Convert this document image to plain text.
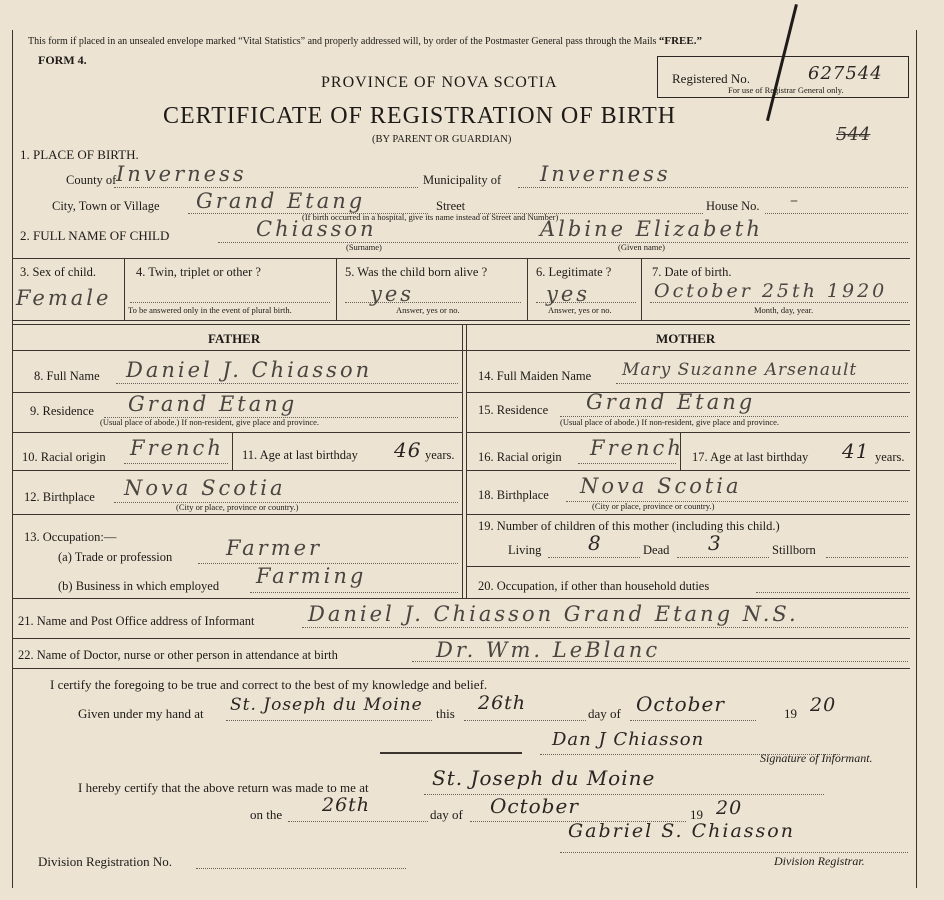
This form if placed in an unsealed envelope marked “Vital Statistics” and properly addressed will, by order of the Postmaster General pass through the Mails “FREE.”
FORM 4.
PROVINCE OF NOVA SCOTIA
CERTIFICATE OF REGISTRATION OF BIRTH
(BY PARENT OR GUARDIAN)
Registered No.	627544
For use of Registrar General only.
544
1. PLACE OF BIRTH.
County of Inverness	Municipality of Inverness
City, Town or Village Grand Etang	Street	House No. –
(If birth occurred in a hospital, give its name instead of Street and Number)
2. FULL NAME OF CHILD	Chiasson
(Surname)
Albine Elizabeth
(Given name)
3. Sex of child.
Female
4. Twin, triplet or other ?
To be answered only in the event of plural birth.
5. Was the child born alive ?
yes
Answer, yes or no.
6. Legitimate ?
yes
Answer, yes or no.
7. Date of birth.
October 25th 1920
Month, day, year.
FATHER	MOTHER
8. Full Name Daniel J. Chiasson
9. Residence Grand Etang
(Usual place of abode.) If non-resident, give place and province.
10. Racial origin French 11. Age at last birthday 46 years.
12. Birthplace Nova Scotia
(City or place, province or country.)
13. Occupation:—
(a) Trade or profession	Farmer
(b) Business in which employed Farming
14. Full Maiden Name Mary Suzanne Arsenault
15. Residence Grand Etang
(Usual place of abode.) If non-resident, give place and province.
16. Racial origin French 17. Age at last birthday 41 years.
18. Birthplace Nova Scotia
(City or place, province or country.)
19. Number of children of this mother (including this child.)
Living 8	Dead 3	Stillborn
20. Occupation, if other than household duties
21. Name and Post Office address of Informant	Daniel J. Chiasson Grand Etang N.S.
22. Name of Doctor, nurse or other person in attendance at birth	Dr. Wm. LeBlanc
I certify the foregoing to be true and correct to the best of my knowledge and belief.
Given under my hand at St. Joseph du Moine this 26th	day of October	19 20
Dan J Chiasson
Signature of Informant.
I hereby certify that the above return was made to me at	St. Joseph du Moine
on the 26th	day of October	19 20
Gabriel S. Chiasson
Division Registration No.	Division Registrar.
